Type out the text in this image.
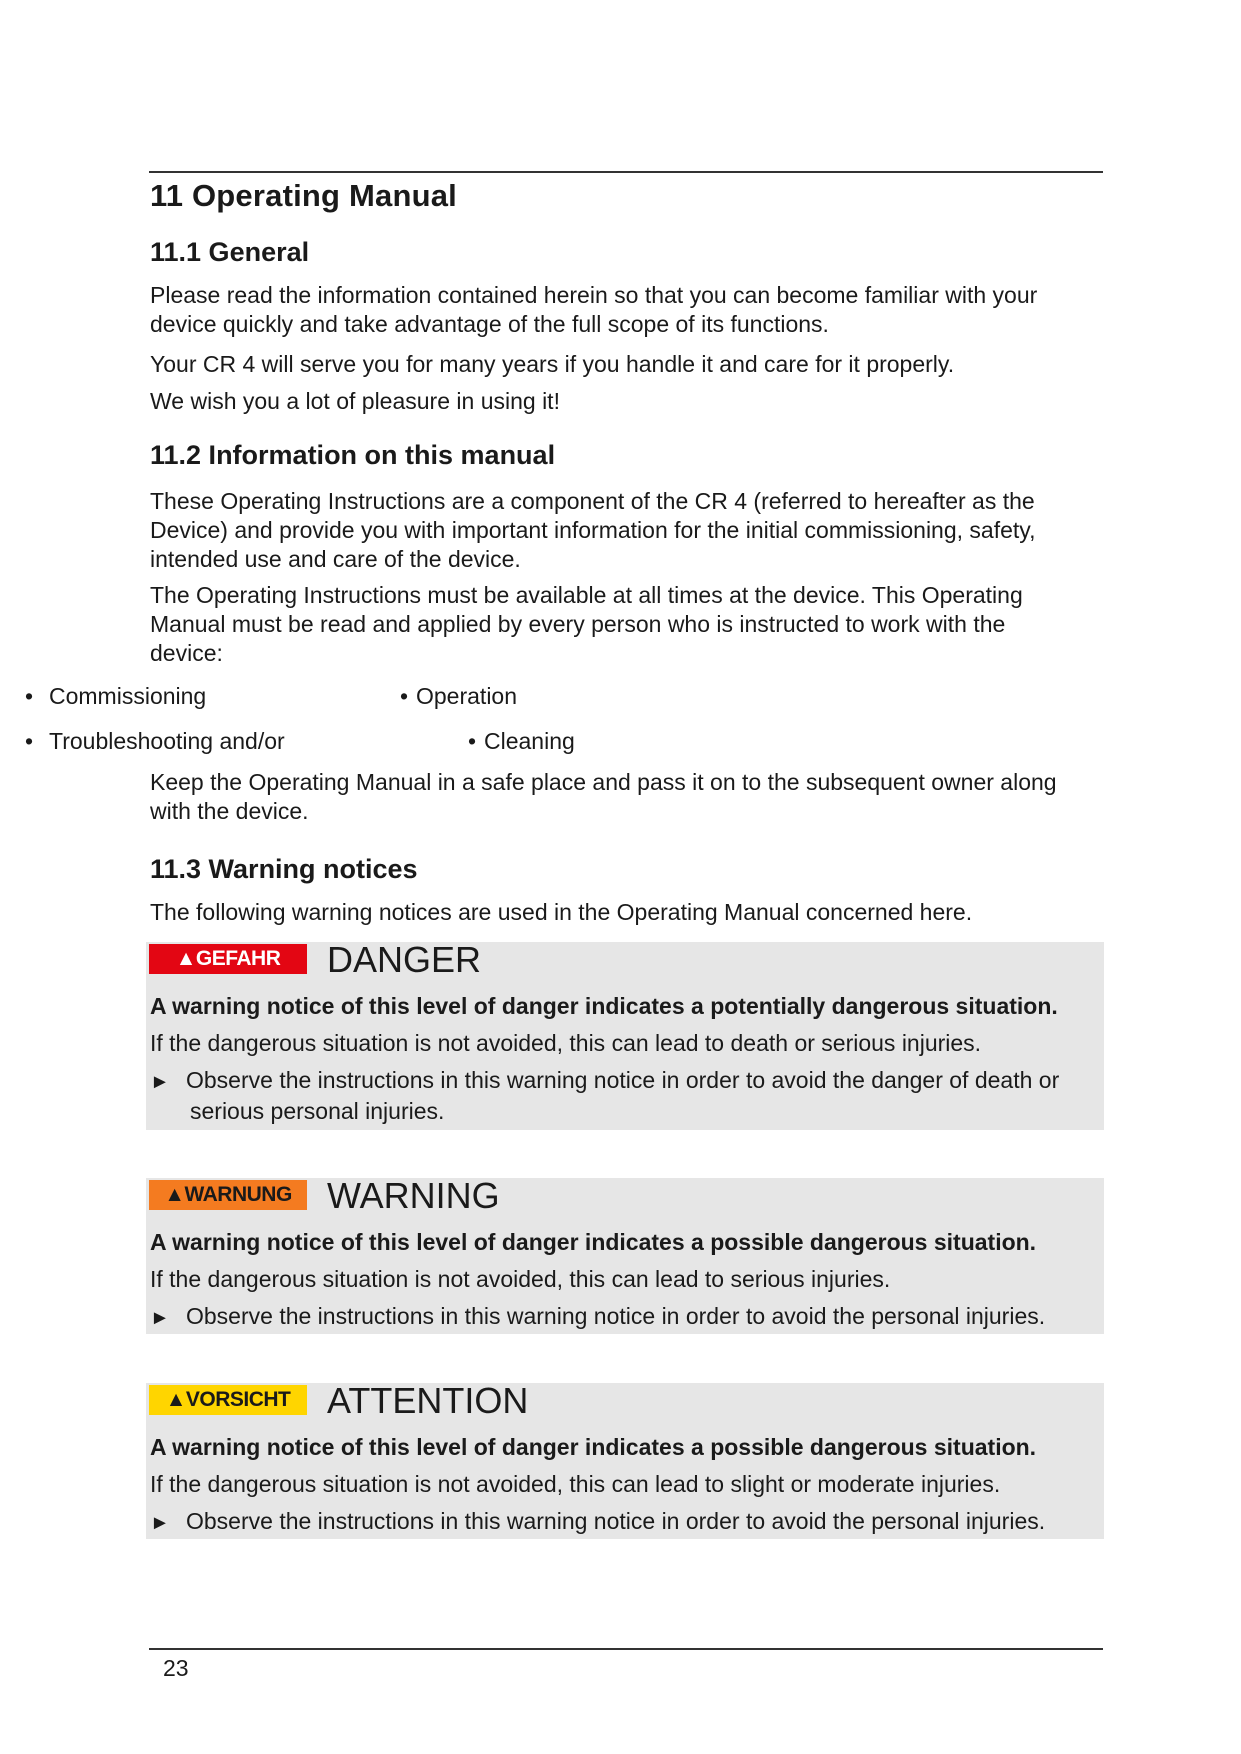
11 Operating Manual
11.1 General
Please read the information contained herein so that you can become familiar with your device quickly and take advantage of the full scope of its functions.
Your CR 4 will serve you for many years if you handle it and care for it properly.
We wish you a lot of pleasure in using it!
11.2 Information on this manual
These Operating Instructions are a component of the CR 4 (referred to hereafter as the Device) and provide you with important information for the initial commissioning, safety, intended use and care of the device.
The Operating Instructions must be available at all times at the device. This Operating Manual must be read and applied by every person who is instructed to work with the device:
• Commissioning	• Operation
• Troubleshooting and/or	• Cleaning
Keep the Operating Manual in a safe place and pass it on to the subsequent owner along with the device.
11.3 Warning notices
The following warning notices are used in the Operating Manual concerned here.
▲GEFAHR	DANGER
A warning notice of this level of danger indicates a potentially dangerous situation.
If the dangerous situation is not avoided, this can lead to death or serious injuries.
► Observe the instructions in this warning notice in order to avoid the danger of death or
serious personal injuries.
▲WARNUNG WARNING
A warning notice of this level of danger indicates a possible dangerous situation.
If the dangerous situation is not avoided, this can lead to serious injuries.
► Observe the instructions in this warning notice in order to avoid the personal injuries.
▲VORSICHT	ATTENTION
A warning notice of this level of danger indicates a possible dangerous situation.
If the dangerous situation is not avoided, this can lead to slight or moderate injuries.
► Observe the instructions in this warning notice in order to avoid the personal injuries.
23
